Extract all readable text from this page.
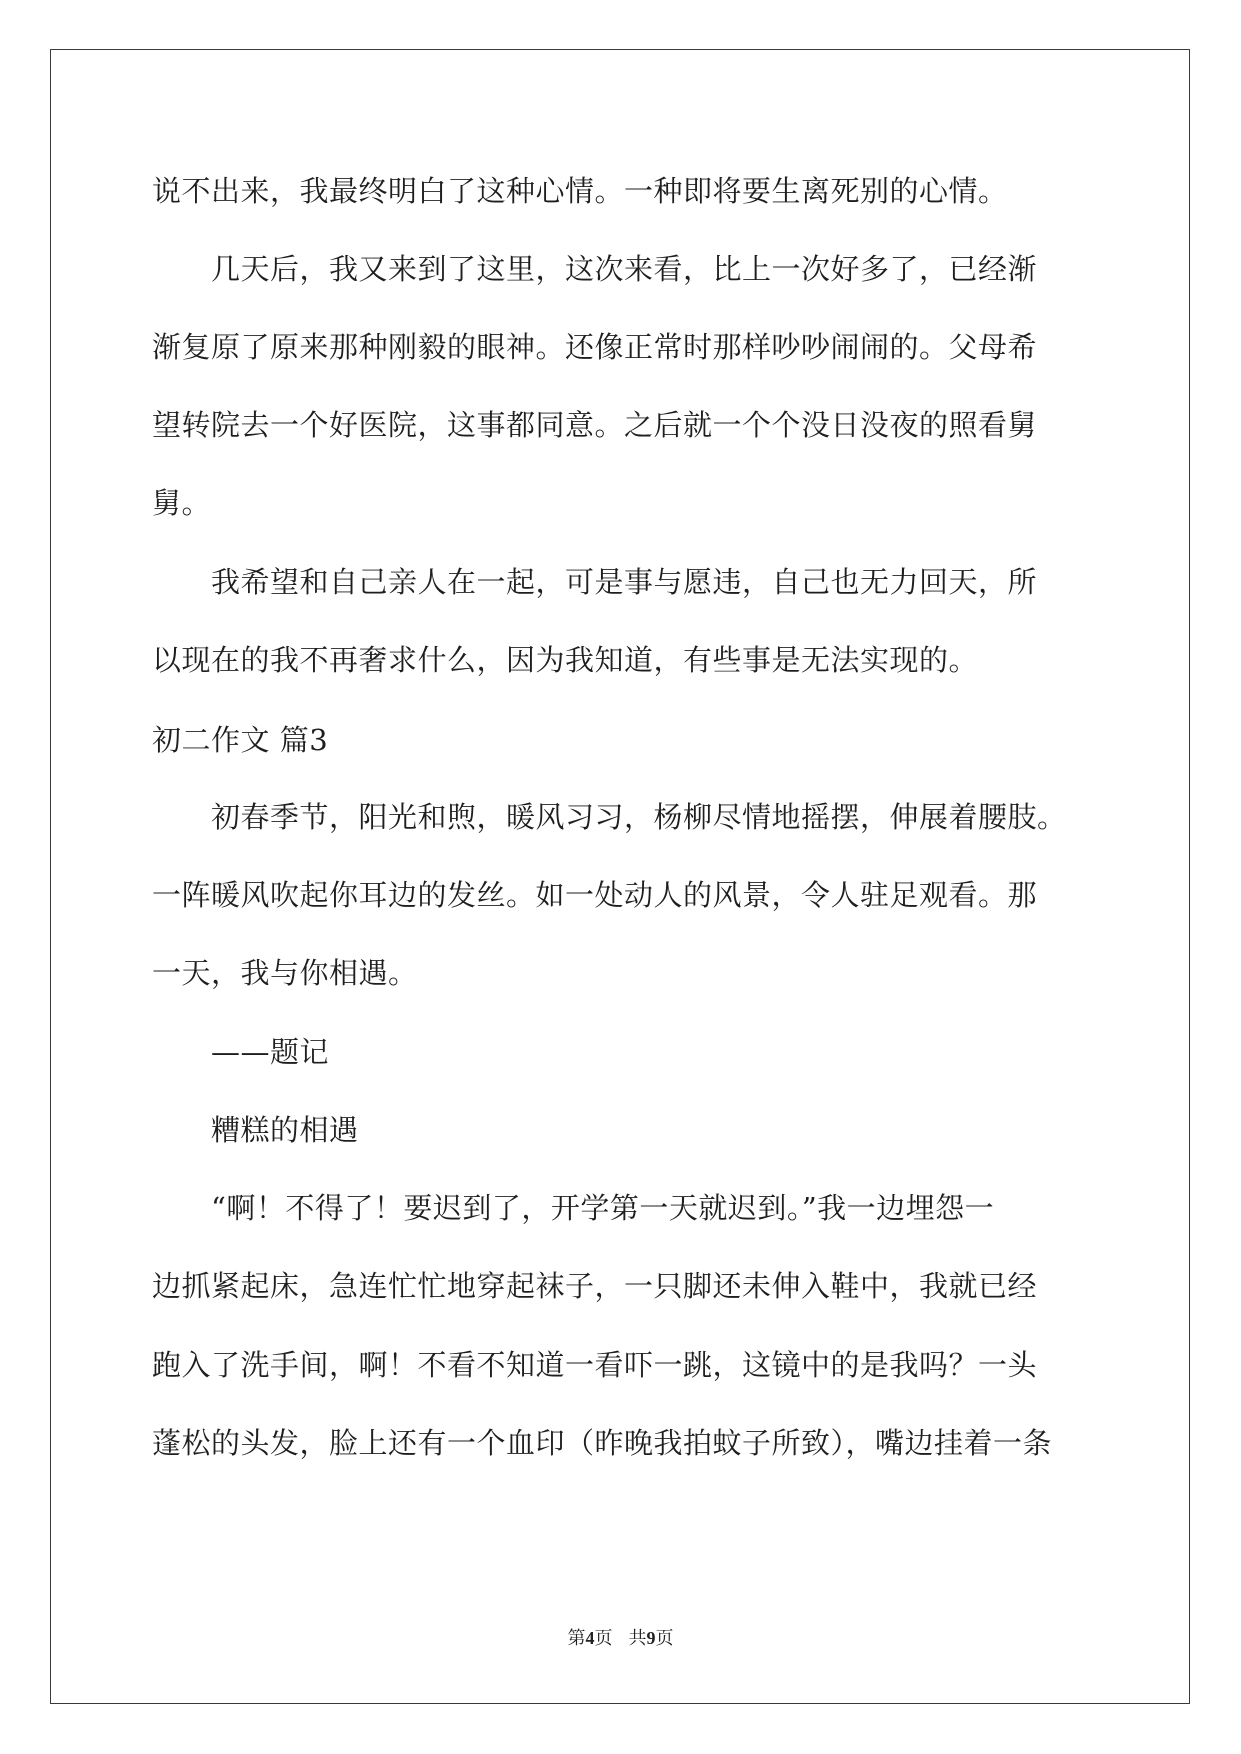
说不出来，我最终明白了这种心情。一种即将要生离死别的心情。
　　几天后，我又来到了这里，这次来看，比上一次好多了，已经渐
渐复原了原来那种刚毅的眼神。还像正常时那样吵吵闹闹的。父母希
望转院去一个好医院，这事都同意。之后就一个个没日没夜的照看舅
舅。
　　我希望和自己亲人在一起，可是事与愿违，自己也无力回天，所
以现在的我不再奢求什么，因为我知道，有些事是无法实现的。
初二作文 篇3
　　初春季节，阳光和煦，暖风习习，杨柳尽情地摇摆，伸展着腰肢。
一阵暖风吹起你耳边的发丝。如一处动人的风景，令人驻足观看。那
一天，我与你相遇。
　　——题记
　　糟糕的相遇
　　“啊！不得了！要迟到了，开学第一天就迟到。”我一边埋怨一
边抓紧起床，急连忙忙地穿起袜子，一只脚还未伸入鞋中，我就已经
跑入了洗手间，啊！不看不知道一看吓一跳，这镜中的是我吗？一头
蓬松的头发，脸上还有一个血印（昨晚我拍蚊子所致），嘴边挂着一条
第4页 共9页
